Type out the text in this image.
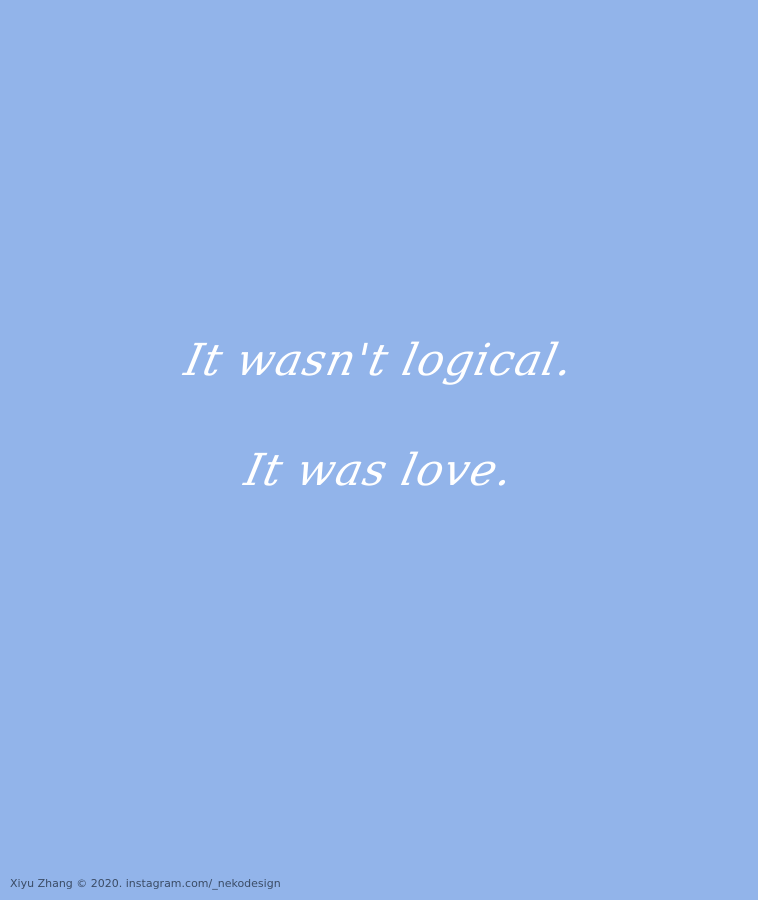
It wasn't logical.
It was love.
Xiyu Zhang © 2020. instagram.com/_nekodesign
